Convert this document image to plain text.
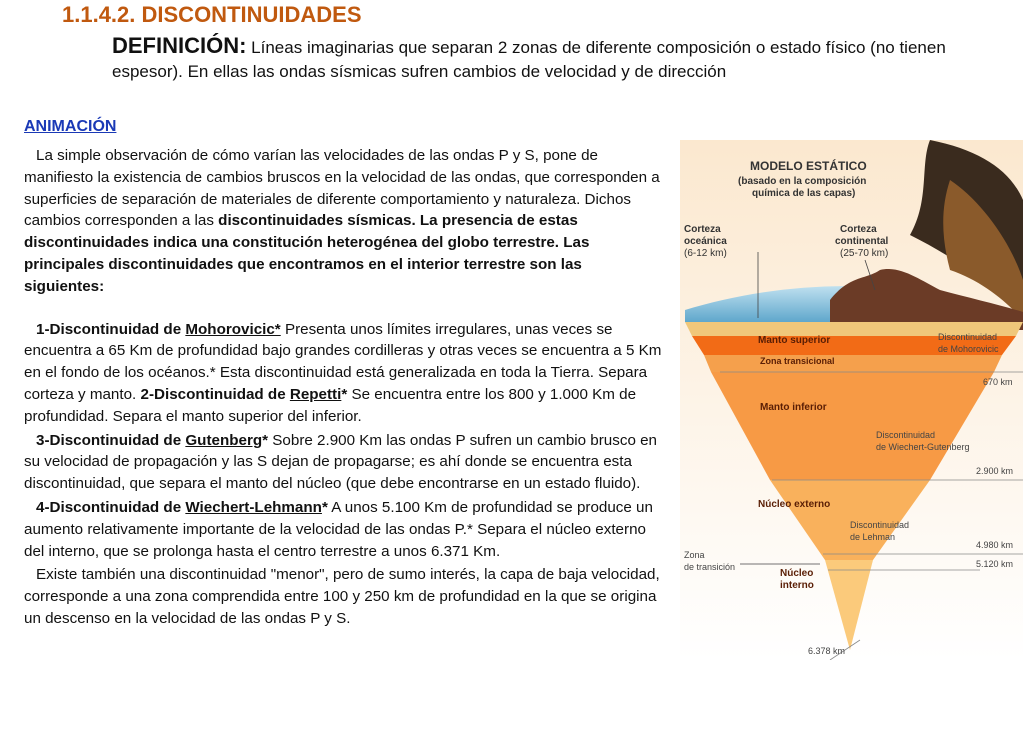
1.1.4.2. DISCONTINUIDADES
DEFINICIÓN: Líneas imaginarias que separan 2 zonas de diferente composición o estado físico (no tienen espesor). En ellas las ondas sísmicas sufren cambios de velocidad y de dirección
ANIMACIÓN

La simple observación de cómo varían las velocidades de las ondas P y S, pone de manifiesto la existencia de cambios bruscos en la velocidad de las ondas, que corresponden a superficies de separación de materiales de diferente comportamiento y naturaleza. Dichos cambios corresponden a las discontinuidades sísmicas. La presencia de estas discontinuidades indica una constitución heterogénea del globo terrestre. Las principales discontinuidades que encontramos en el interior terrestre son las siguientes:

1-Discontinuidad de Mohorovicic* Presenta unos límites irregulares, unas veces se encuentra a 65 Km de profundidad bajo grandes cordilleras y otras veces se encuentra a 5 Km en el fondo de los océanos.* Esta discontinuidad está generalizada en toda la Tierra. Separa corteza y manto. 2-Discontinuidad de Repetti* Se encuentra entre los 800 y 1.000 Km de profundidad. Separa el manto superior del inferior.

3-Discontinuidad de Gutenberg* Sobre 2.900 Km las ondas P sufren un cambio brusco en su velocidad de propagación y las S dejan de propagarse; es ahí donde se encuentra esta discontinuidad, que separa el manto del núcleo (que debe encontrarse en un estado fluido).

4-Discontinuidad de Wiechert-Lehmann* A unos 5.100 Km de profundidad se produce un aumento relativamente importante de la velocidad de las ondas P.* Separa el núcleo externo del interno, que se prolonga hasta el centro terrestre a unos 6.371 Km.

Existe también una discontinuidad "menor", pero de sumo interés, la capa de baja velocidad, corresponde a una zona comprendida entre 100 y 250 km de profundidad en la que se origina un descenso en la velocidad de las ondas P y S.

MODELO ESTÁTICO
(basado en la composición
química de las capas)
Corteza
oceánica
(6-12 km)
Corteza
continental
(25-70 km)
Manto superior
Zona transicional
Manto inferior
Núcleo externo
Núcleo
interno
Discontinuidad
de Mohorovicic
670 km
Discontinuidad
de Wiechert-Gutenberg
2.900 km
Discontinuidad
de Lehman
4.980 km
5.120 km
Zona
de transición
6.378 km
